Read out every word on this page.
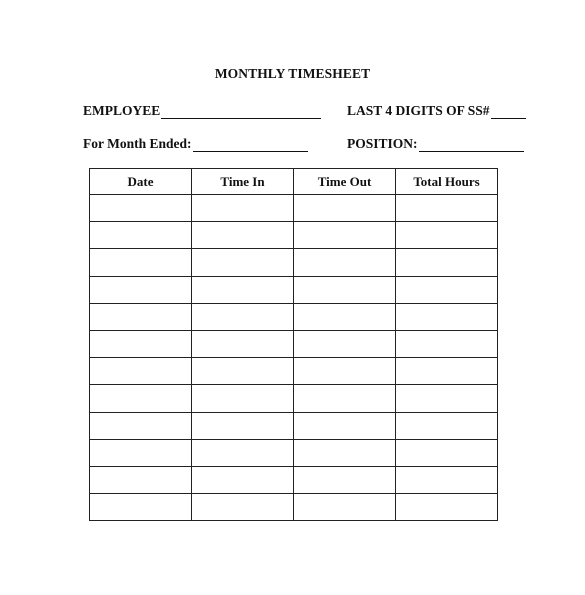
MONTHLY TIMESHEET
EMPLOYEE	LAST 4 DIGITS OF SS#
For Month Ended:	POSITION:
Date	Time In	Time Out	Total Hours
